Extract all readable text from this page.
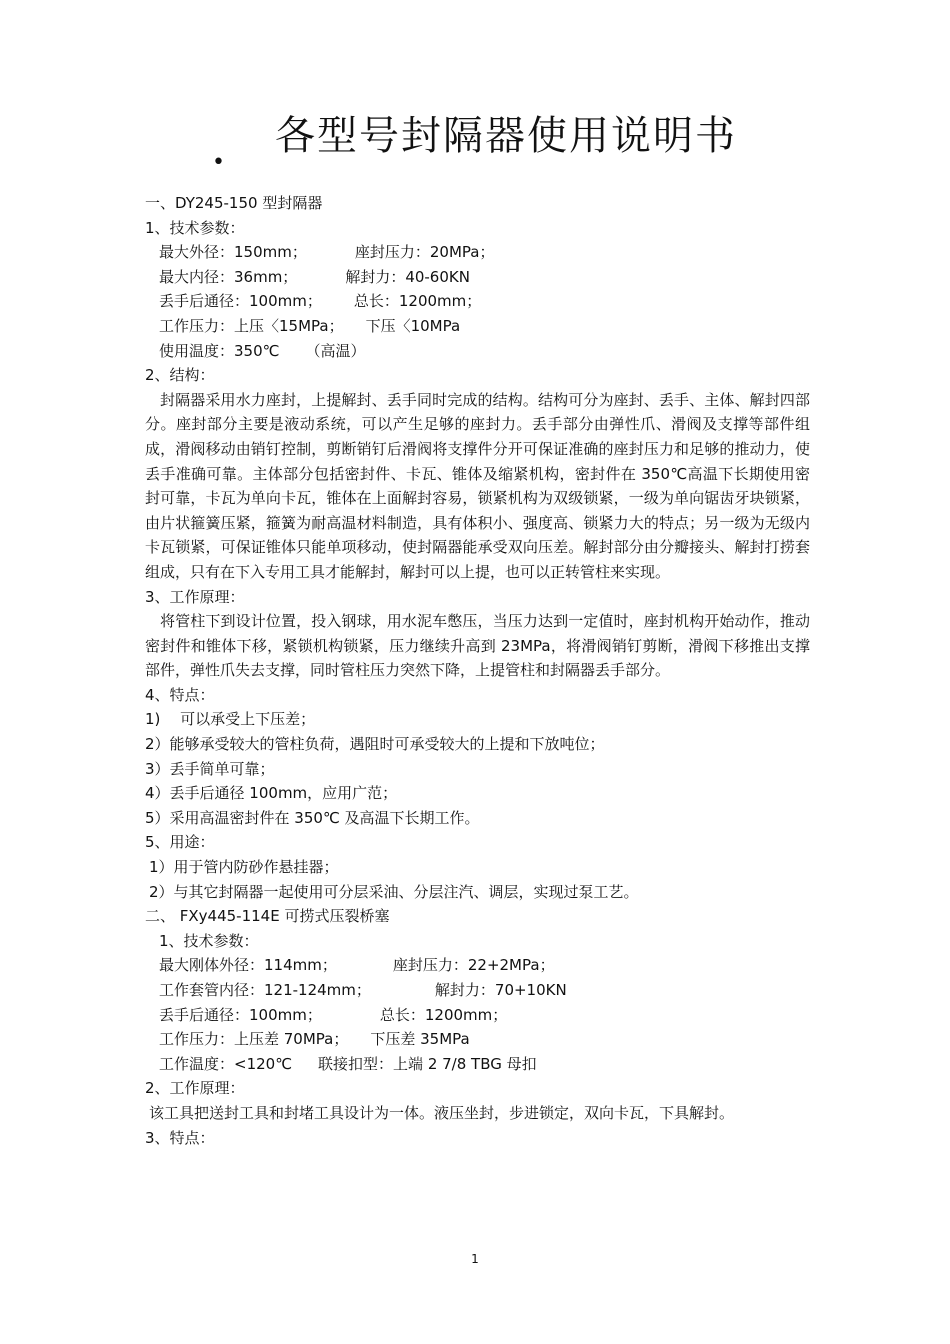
各型号封隔器使用说明书
•
一、DY245-150 型封隔器
1、技术参数：
最大外径：150mm；	座封压力：20MPa；
最大内径：36mm；	解封力：40-60KN
丢手后通径：100mm； 总长：1200mm；
工作压力：上压〈15MPa； 下压〈10MPa
使用温度：350℃ （高温）
2、结构：

封隔器采用水力座封，上提解封、丢手同时完成的结构。结构可分为座封、丢手、主体、解封四部分。座封部分主要是液动系统，可以产生足够的座封力。丢手部分由弹性爪、滑阀及支撑等部件组成，滑阀移动由销钉控制，剪断销钉后滑阀将支撑件分开可保证准确的座封压力和足够的推动力，使丢手准确可靠。主体部分包括密封件、卡瓦、锥体及缩紧机构，密封件在 350℃高温下长期使用密封可靠，卡瓦为单向卡瓦，锥体在上面解封容易，锁紧机构为双级锁紧，一级为单向锯齿牙块锁紧，由片状箍簧压紧，箍簧为耐高温材料制造，具有体积小、强度高、锁紧力大的特点；另一级为无级内卡瓦锁紧，可保证锥体只能单项移动，使封隔器能承受双向压差。解封部分由分瓣接头、解封打捞套组成，只有在下入专用工具才能解封，解封可以上提，也可以正转管柱来实现。

3、工作原理：

将管柱下到设计位置，投入钢球，用水泥车憋压，当压力达到一定值时，座封机构开始动作，推动密封件和锥体下移，紧锁机构锁紧，压力继续升高到 23MPa，将滑阀销钉剪断，滑阀下移推出支撑部件，弹性爪失去支撑，同时管柱压力突然下降，上提管柱和封隔器丢手部分。

4、特点：
1)　 可以承受上下压差；
2）能够承受较大的管柱负荷，遇阻时可承受较大的上提和下放吨位；
3）丢手简单可靠；
4）丢手后通径 100mm，应用广范；
5）采用高温密封件在 350℃ 及高温下长期工作。
5、用途：
1）用于管内防砂作悬挂器；
2）与其它封隔器一起使用可分层采油、分层注汽、调层，实现过泵工艺。
二、 FXy445-114E 可捞式压裂桥塞
1、技术参数：
最大刚体外径：114mm；	座封压力：22+2MPa；
工作套管内径：121-124mm；	解封力：70+10KN
丢手后通径：100mm；	总长：1200mm；
工作压力：上压差 70MPa； 下压差 35MPa
工作温度：<120℃ 联接扣型：上端 2 7/8 TBG 母扣
2、工作原理：
该工具把送封工具和封堵工具设计为一体。液压坐封，步进锁定，双向卡瓦，下具解封。
3、特点：
1
